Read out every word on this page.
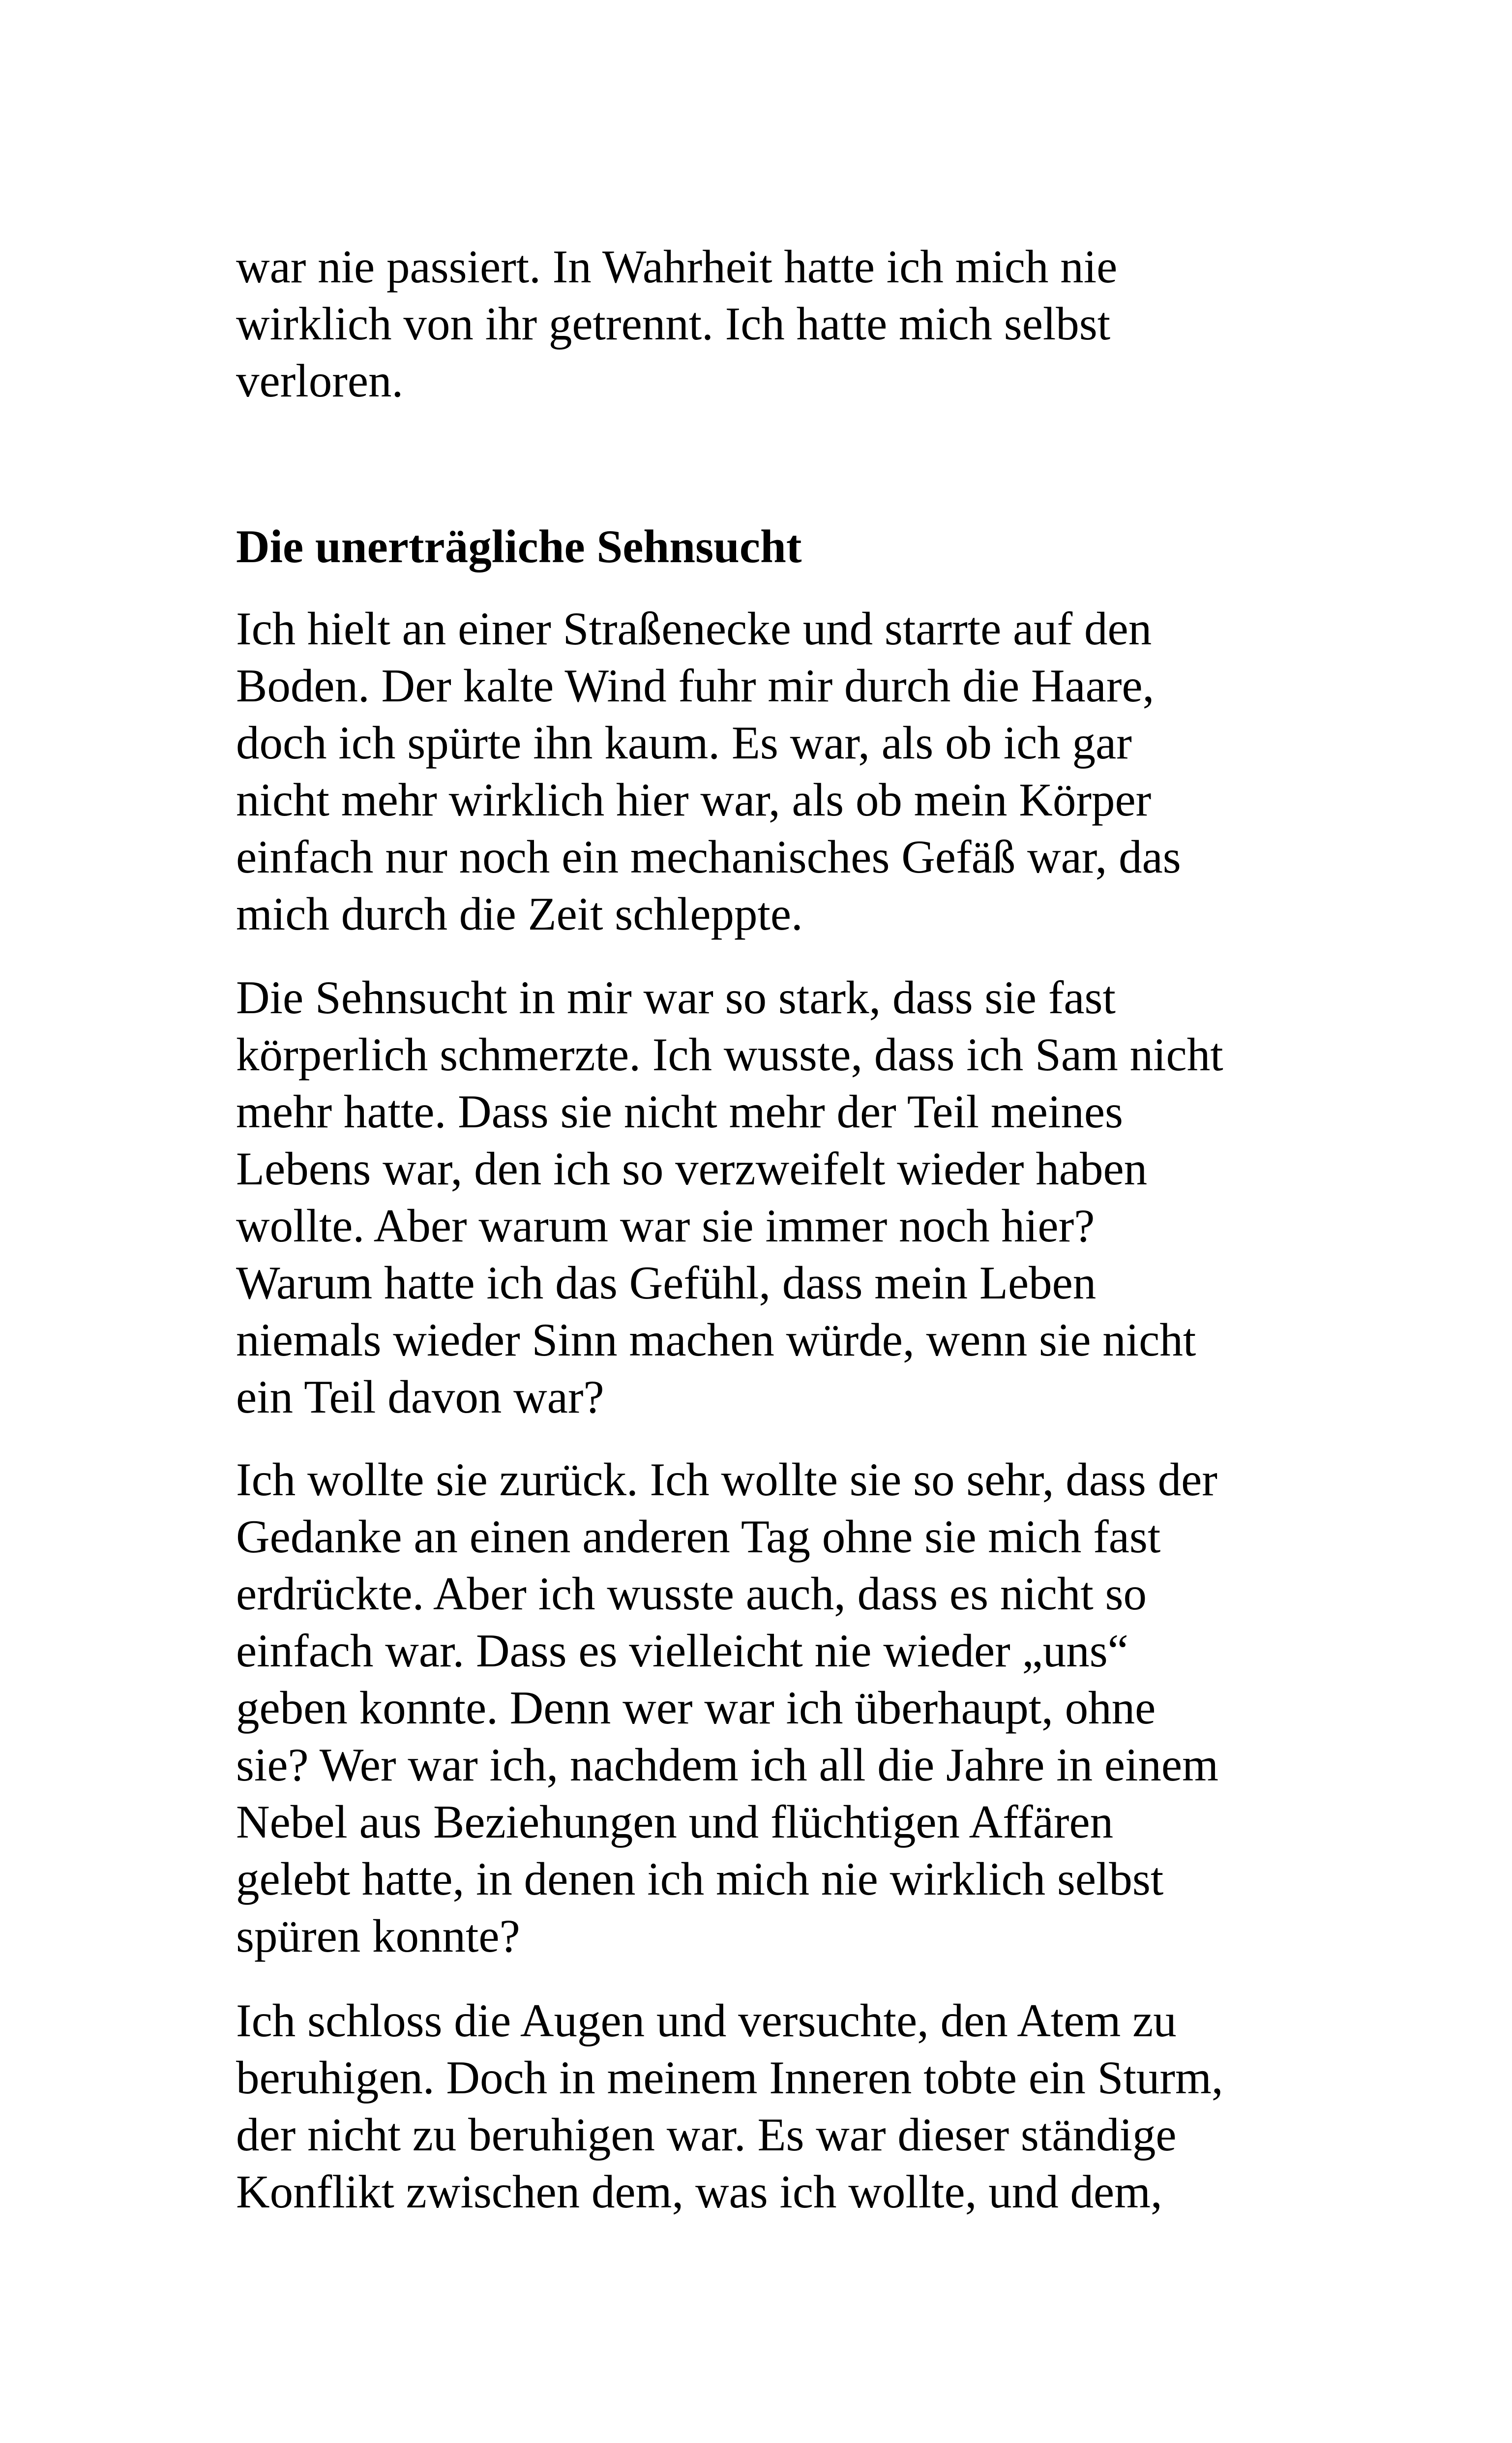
war nie passiert. In Wahrheit hatte ich mich nie
wirklich von ihr getrennt. Ich hatte mich selbst
verloren.

Die unerträgliche Sehnsucht

Ich hielt an einer Straßenecke und starrte auf den
Boden. Der kalte Wind fuhr mir durch die Haare,
doch ich spürte ihn kaum. Es war, als ob ich gar
nicht mehr wirklich hier war, als ob mein Körper
einfach nur noch ein mechanisches Gefäß war, das
mich durch die Zeit schleppte.

Die Sehnsucht in mir war so stark, dass sie fast
körperlich schmerzte. Ich wusste, dass ich Sam nicht
mehr hatte. Dass sie nicht mehr der Teil meines
Lebens war, den ich so verzweifelt wieder haben
wollte. Aber warum war sie immer noch hier?
Warum hatte ich das Gefühl, dass mein Leben
niemals wieder Sinn machen würde, wenn sie nicht
ein Teil davon war?

Ich wollte sie zurück. Ich wollte sie so sehr, dass der
Gedanke an einen anderen Tag ohne sie mich fast
erdrückte. Aber ich wusste auch, dass es nicht so
einfach war. Dass es vielleicht nie wieder „uns“
geben konnte. Denn wer war ich überhaupt, ohne
sie? Wer war ich, nachdem ich all die Jahre in einem
Nebel aus Beziehungen und flüchtigen Affären
gelebt hatte, in denen ich mich nie wirklich selbst
spüren konnte?

Ich schloss die Augen und versuchte, den Atem zu
beruhigen. Doch in meinem Inneren tobte ein Sturm,
der nicht zu beruhigen war. Es war dieser ständige
Konflikt zwischen dem, was ich wollte, und dem,
